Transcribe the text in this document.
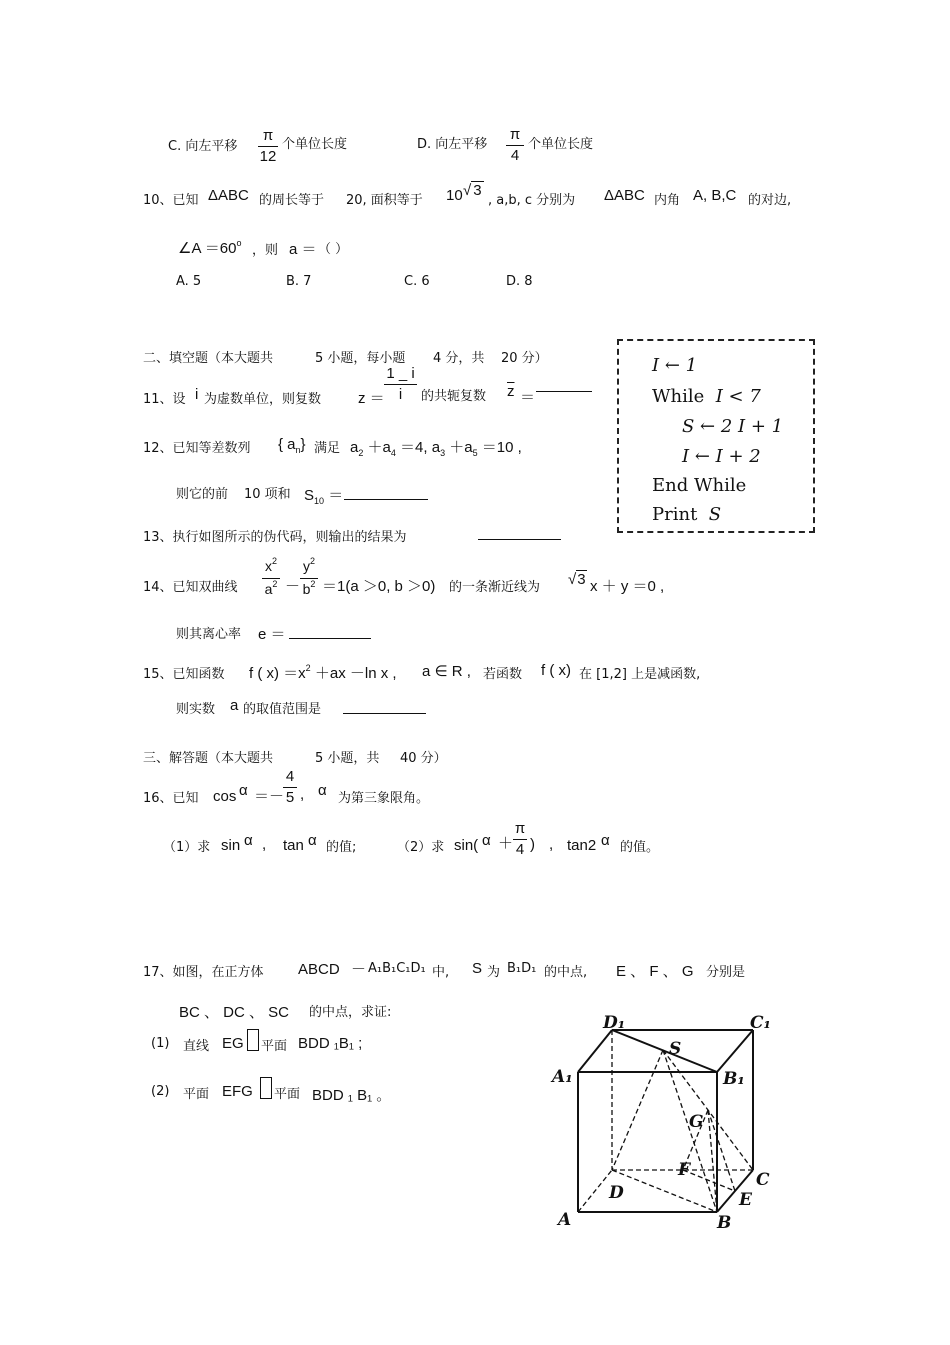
C. 向左平移
π
12
个单位长度	D. 向左平移
π
4
个单位长度
10、已知 ΔABC 的周长等于 20, 面积等于 10 √ 3
, a,b, c 分别为 ΔABC 内角 A, B,C 的对边,
∠A $=60^o$ ，则 a ＝ （ ）
A. 5	B. 7	C. 6	D. 8
二、填空题（本大题共	5 小题，每小题 4 分，共 20 分）
11、设 i 为虚数单位，则复数 z ＝
1 _ i
i	的共轭复数 $\overline{z}$ ＝
12、已知等差数列 { $a_n$} 满足 $a_2 +a_4 =4$, $a_3 +a_5 =10$ ,
则它的前 10 项和 $S_{10}$ ＝
13、执行如图所示的伪代码，则输出的结果为
I ← 1
While I < 7
S ← 2 I + 1
I ← I + 2
End While
Print S
14、已知双曲线
$x^2$
$a^2$ －
$y^2$
$b^2 =1(a >0$, b ＞0) 的一条渐近线为 √3 x ＋ y ＝0 ,
则其离心率 e ＝
15、已知函数 f ( $x) =x^2 +ax -\ln$ x , a ∈ R , 若函数 f ( x) 在 [1,2] 上是减函数,
则实数 a 的取值范围是
三、解答题（本大题共	5 小题，共 40 分）
16、已知 cos α ＝－
4
5 , α 为第三象限角。
（1）求 sin α , tan α 的值;	（2）求 sin( α ＋
π
4 ) , tan2 α 的值。
17、如图，在正方体 ABCD － A₁B₁C₁D₁ 中, S 为 B₁D₁ 的中点, E 、 F 、 G 分别是
BC 、 DC 、 SC 的中点，求证:
(1) 直线 EG 平面 BDD ₁B₁ ;
(2) 平面 EFG 平面 BDD ₁ B₁ 。
D₁	C₁
A₁	B₁
S
G
F	C
D	E
A	B
